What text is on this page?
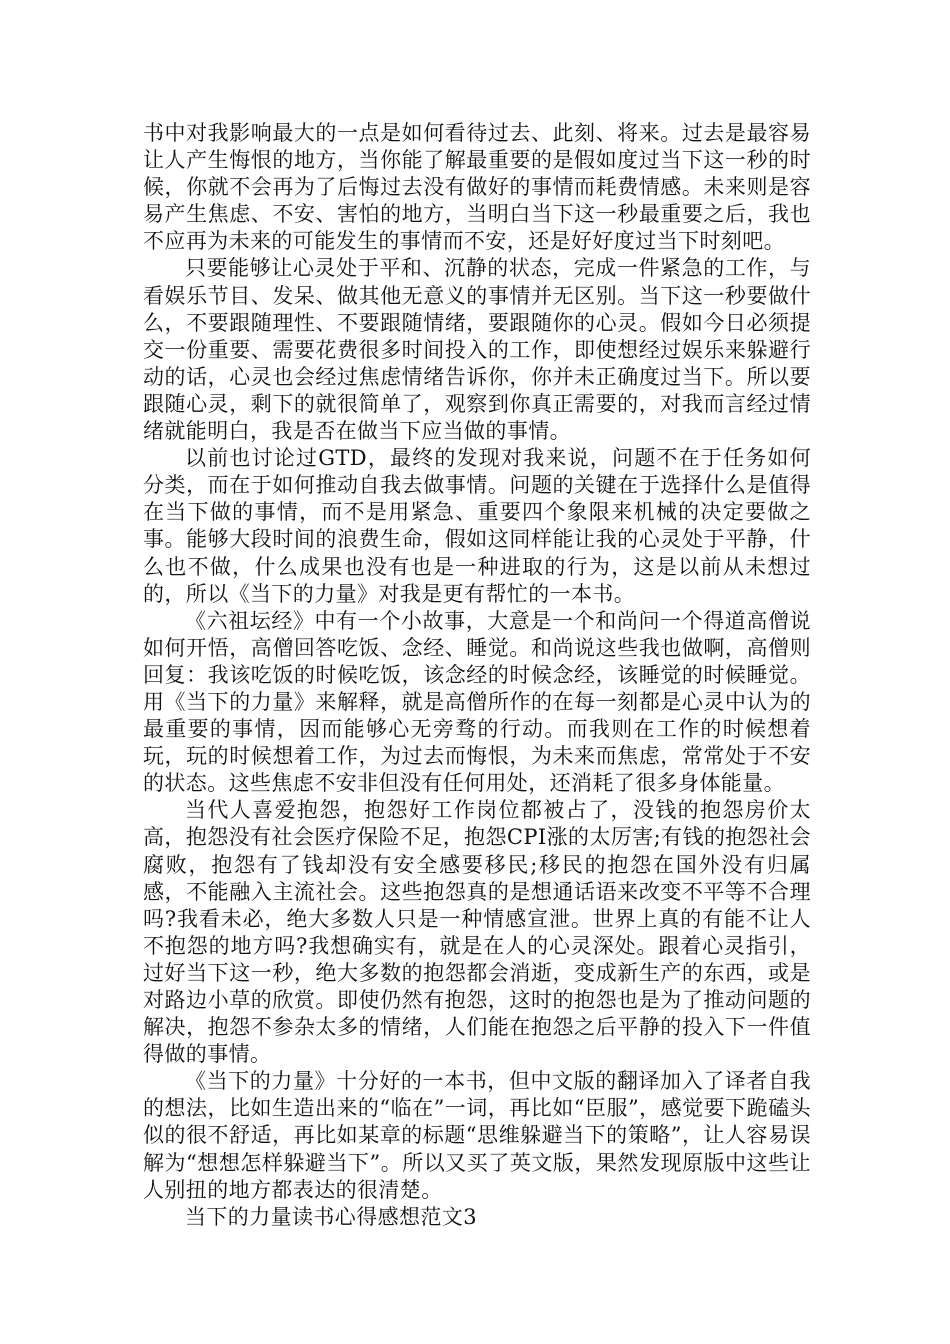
书中对我影响最大的一点是如何看待过去、此刻、将来。过去是最容易让人产生悔恨的地方，当你能了解最重要的是假如度过当下这一秒的时候，你就不会再为了后悔过去没有做好的事情而耗费情感。未来则是容易产生焦虑、不安、害怕的地方，当明白当下这一秒最重要之后，我也不应再为未来的可能发生的事情而不安，还是好好度过当下时刻吧。

只要能够让心灵处于平和、沉静的状态，完成一件紧急的工作，与看娱乐节目、发呆、做其他无意义的事情并无区别。当下这一秒要做什么，不要跟随理性、不要跟随情绪，要跟随你的心灵。假如今日必须提交一份重要、需要花费很多时间投入的工作，即使想经过娱乐来躲避行动的话，心灵也会经过焦虑情绪告诉你，你并未正确度过当下。所以要跟随心灵，剩下的就很简单了，观察到你真正需要的，对我而言经过情绪就能明白，我是否在做当下应当做的事情。

以前也讨论过GTD，最终的发现对我来说，问题不在于任务如何分类，而在于如何推动自我去做事情。问题的关键在于选择什么是值得在当下做的事情，而不是用紧急、重要四个象限来机械的决定要做之事。能够大段时间的浪费生命，假如这同样能让我的心灵处于平静，什么也不做，什么成果也没有也是一种进取的行为，这是以前从未想过的，所以《当下的力量》对我是更有帮忙的一本书。

《六祖坛经》中有一个小故事，大意是一个和尚问一个得道高僧说如何开悟，高僧回答吃饭、念经、睡觉。和尚说这些我也做啊，高僧则回复：我该吃饭的时候吃饭，该念经的时候念经，该睡觉的时候睡觉。用《当下的力量》来解释，就是高僧所作的在每一刻都是心灵中认为的最重要的事情，因而能够心无旁骛的行动。而我则在工作的时候想着玩，玩的时候想着工作，为过去而悔恨，为未来而焦虑，常常处于不安的状态。这些焦虑不安非但没有任何用处，还消耗了很多身体能量。

当代人喜爱抱怨，抱怨好工作岗位都被占了，没钱的抱怨房价太高，抱怨没有社会医疗保险不足，抱怨CPI涨的太厉害;有钱的抱怨社会腐败，抱怨有了钱却没有安全感要移民;移民的抱怨在国外没有归属感，不能融入主流社会。这些抱怨真的是想通话语来改变不平等不合理吗?我看未必，绝大多数人只是一种情感宣泄。世界上真的有能不让人不抱怨的地方吗?我想确实有，就是在人的心灵深处。跟着心灵指引，过好当下这一秒，绝大多数的抱怨都会消逝，变成新生产的东西，或是对路边小草的欣赏。即使仍然有抱怨，这时的抱怨也是为了推动问题的解决，抱怨不参杂太多的情绪，人们能在抱怨之后平静的投入下一件值得做的事情。

《当下的力量》十分好的一本书，但中文版的翻译加入了译者自我的想法，比如生造出来的“临在”一词，再比如“臣服”，感觉要下跪磕头似的很不舒适，再比如某章的标题“思维躲避当下的策略”，让人容易误解为“想想怎样躲避当下”。所以又买了英文版，果然发现原版中这些让人别扭的地方都表达的很清楚。

当下的力量读书心得感想范文3
